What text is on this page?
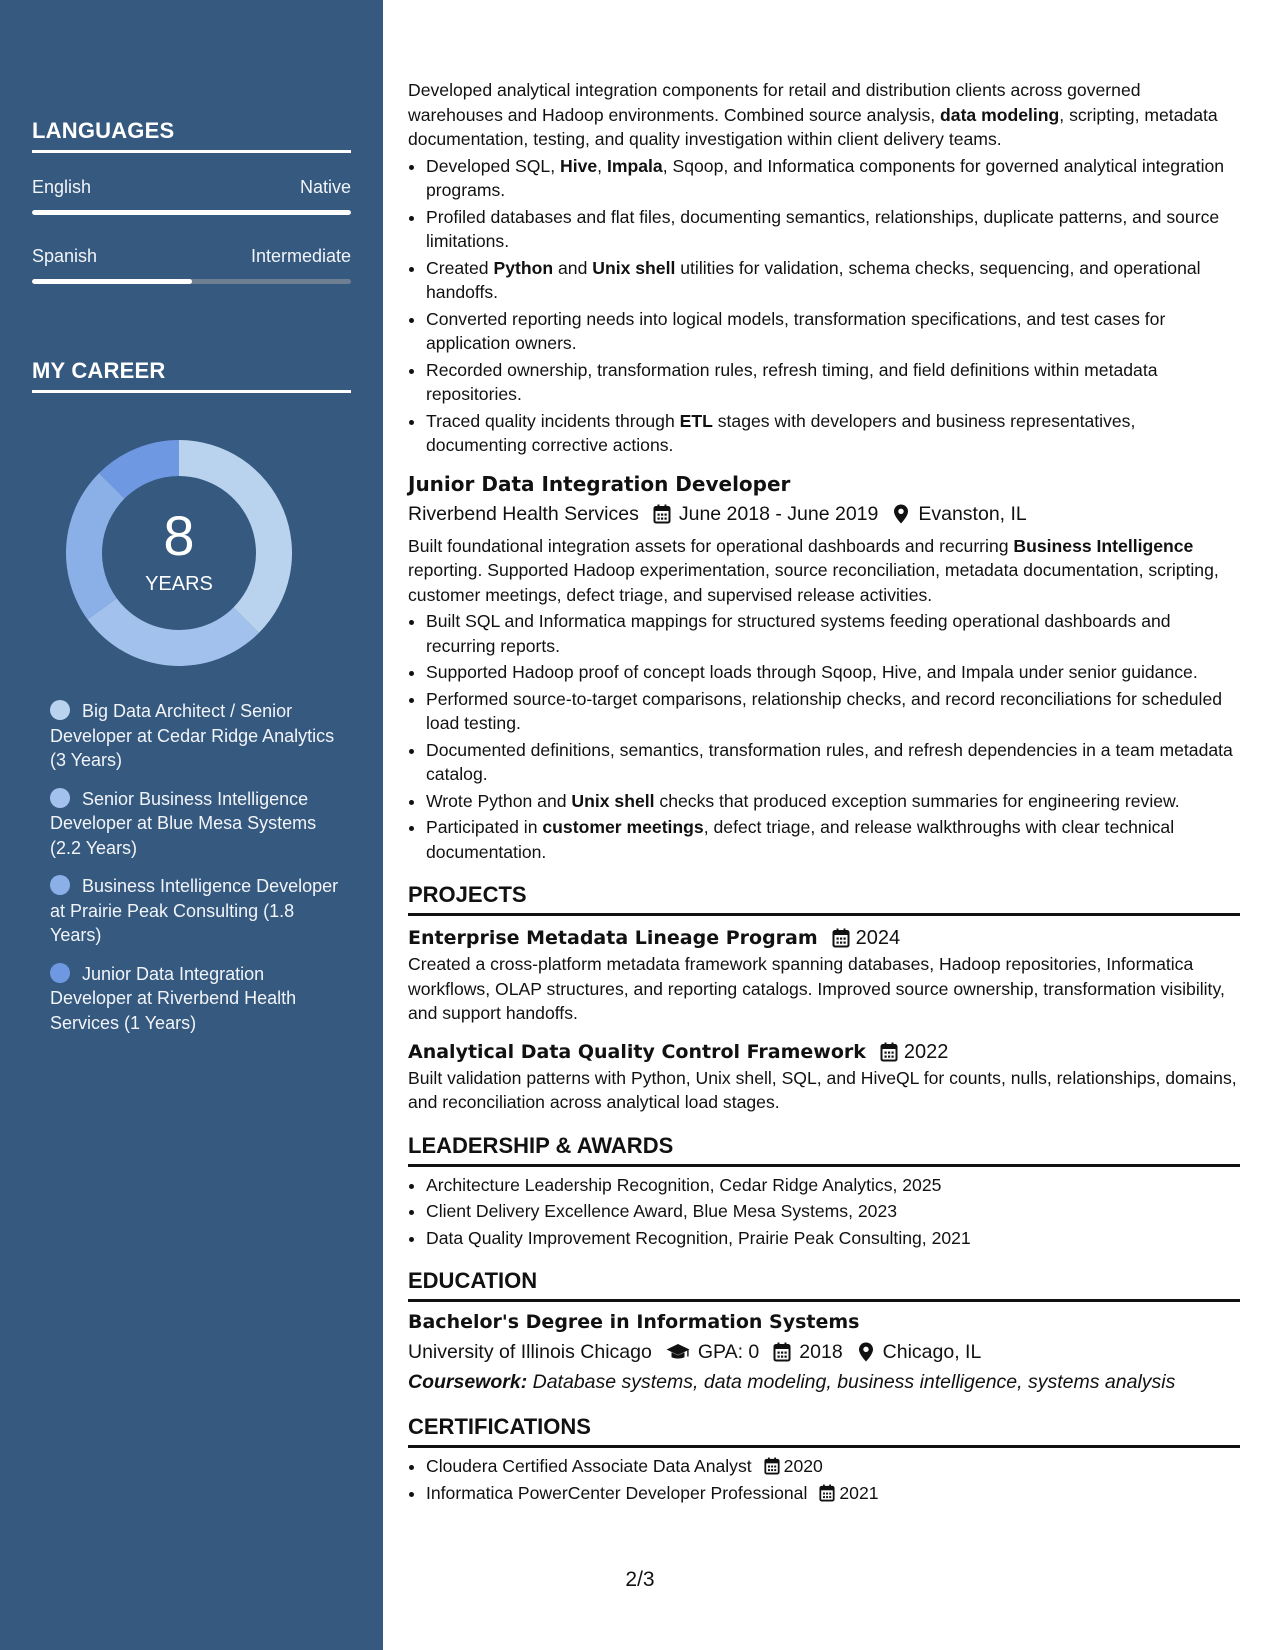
LANGUAGES
English	Native
Spanish	Intermediate
MY CAREER
8
YEARS
Big Data Architect / Senior Developer at Cedar Ridge Analytics (3 Years)
Senior Business Intelligence Developer at Blue Mesa Systems (2.2 Years)
Business Intelligence Developer at Prairie Peak Consulting (1.8 Years)
Junior Data Integration Developer at Riverbend Health Services (1 Years)

Developed analytical integration components for retail and distribution clients across governed warehouses and Hadoop environments. Combined source analysis, data modeling, scripting, metadata documentation, testing, and quality investigation within client delivery teams.

• Developed SQL, Hive, Impala, Sqoop, and Informatica components for governed analytical integration programs.
• Profiled databases and flat files, documenting semantics, relationships, duplicate patterns, and source limitations.
• Created Python and Unix shell utilities for validation, schema checks, sequencing, and operational handoffs.
• Converted reporting needs into logical models, transformation specifications, and test cases for application owners.
• Recorded ownership, transformation rules, refresh timing, and field definitions within metadata repositories.
• Traced quality incidents through ETL stages with developers and business representatives, documenting corrective actions.
Junior Data Integration Developer
Riverbend Health Services June 2018 - June 2019 Evanston, IL

Built foundational integration assets for operational dashboards and recurring Business Intelligence reporting. Supported Hadoop experimentation, source reconciliation, metadata documentation, scripting, customer meetings, defect triage, and supervised release activities.

• Built SQL and Informatica mappings for structured systems feeding operational dashboards and recurring reports.
• Supported Hadoop proof of concept loads through Sqoop, Hive, and Impala under senior guidance.
• Performed source-to-target comparisons, relationship checks, and record reconciliations for scheduled load testing.
• Documented definitions, semantics, transformation rules, and refresh dependencies in a team metadata catalog.
• Wrote Python and Unix shell checks that produced exception summaries for engineering review.
• Participated in customer meetings, defect triage, and release walkthroughs with clear technical documentation.
PROJECTS
Enterprise Metadata Lineage Program 2024

Created a cross-platform metadata framework spanning databases, Hadoop repositories, Informatica workflows, OLAP structures, and reporting catalogs. Improved source ownership, transformation visibility, and support handoffs.

Analytical Data Quality Control Framework 2022

Built validation patterns with Python, Unix shell, SQL, and HiveQL for counts, nulls, relationships, domains, and reconciliation across analytical load stages.

LEADERSHIP & AWARDS
• Architecture Leadership Recognition, Cedar Ridge Analytics, 2025
• Client Delivery Excellence Award, Blue Mesa Systems, 2023
• Data Quality Improvement Recognition, Prairie Peak Consulting, 2021
EDUCATION
Bachelor's Degree in Information Systems
University of Illinois Chicago GPA: 0 2018 Chicago, IL
Coursework: Database systems, data modeling, business intelligence, systems analysis
CERTIFICATIONS
• Cloudera Certified Associate Data Analyst 2020
• Informatica PowerCenter Developer Professional 2021
2/3
